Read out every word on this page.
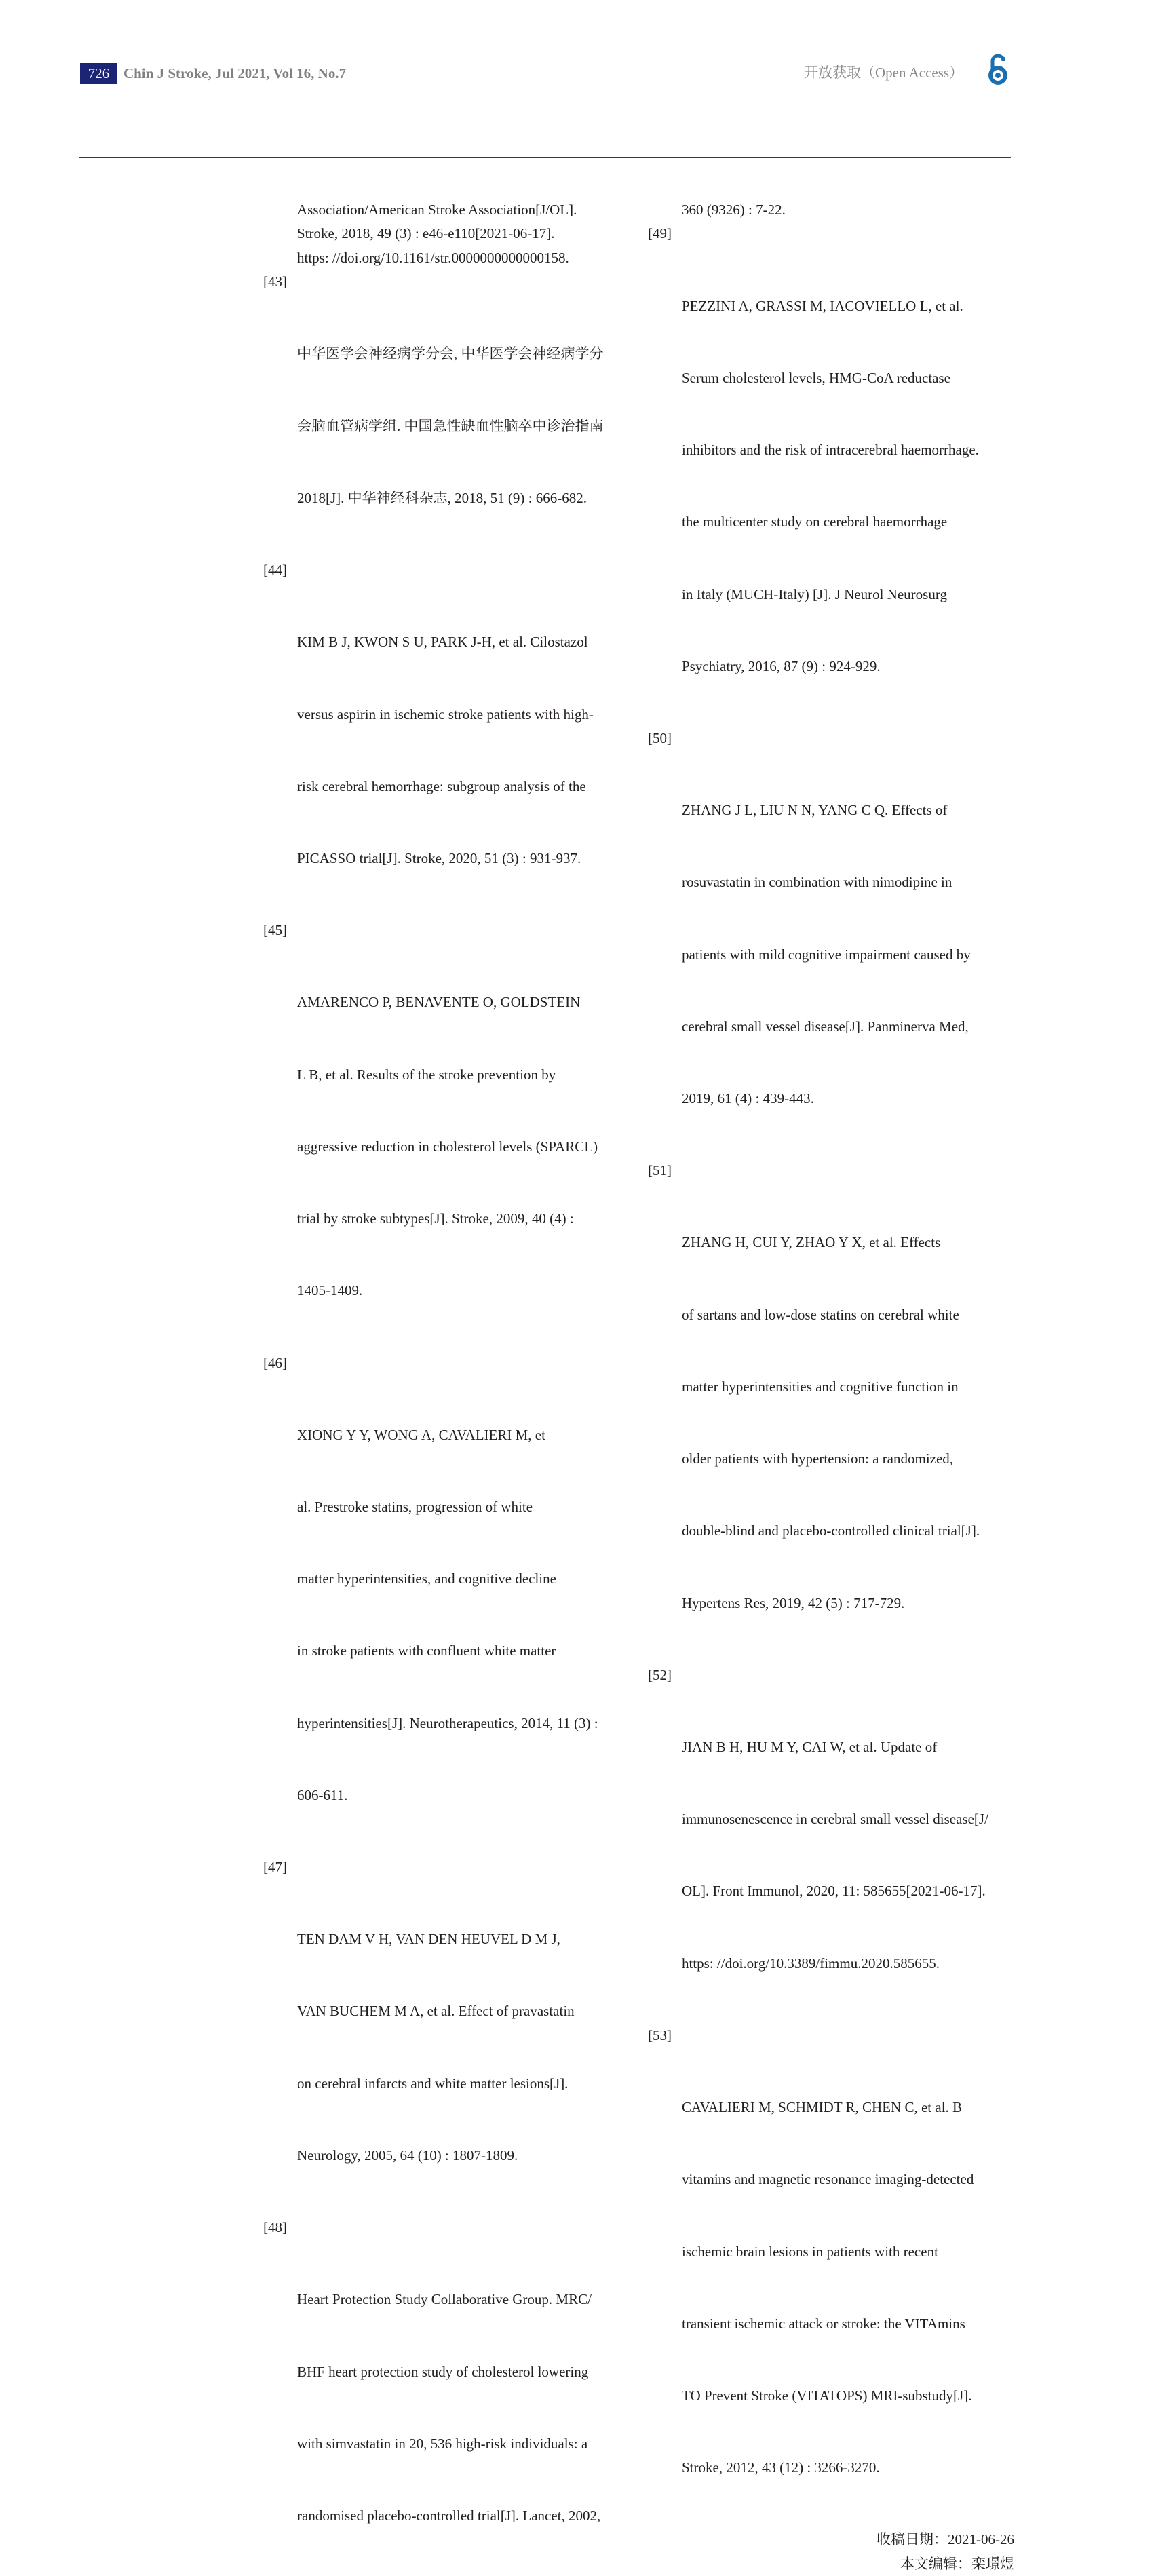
726 Chin J Stroke, Jul 2021, Vol 16, No.7	开放获取（Open Access）
Association/American Stroke Association[J/OL].
Stroke, 2018, 49 (3) : e46-e110[2021-06-17].
https: //doi.org/10.1161/str.0000000000000158.

[43]

中华医学会神经病学分会, 中华医学会神经病学分

会脑血管病学组. 中国急性缺血性脑卒中诊治指南

2018[J]. 中华神经科杂志, 2018, 51 (9) : 666-682.

[44]

KIM B J, KWON S U, PARK J-H, et al. Cilostazol

versus aspirin in ischemic stroke patients with high-

risk cerebral hemorrhage: subgroup analysis of the

PICASSO trial[J]. Stroke, 2020, 51 (3) : 931-937.

[45]

AMARENCO P, BENAVENTE O, GOLDSTEIN

L B, et al. Results of the stroke prevention by

aggressive reduction in cholesterol levels (SPARCL)

trial by stroke subtypes[J]. Stroke, 2009, 40 (4) :

1405-1409.

[46]

XIONG Y Y, WONG A, CAVALIERI M, et

al. Prestroke statins, progression of white

matter hyperintensities, and cognitive decline

in stroke patients with confluent white matter

hyperintensities[J]. Neurotherapeutics, 2014, 11 (3) :

606-611.

[47]

TEN DAM V H, VAN DEN HEUVEL D M J,

VAN BUCHEM M A, et al. Effect of pravastatin

on cerebral infarcts and white matter lesions[J].

Neurology, 2005, 64 (10) : 1807-1809.

[48]

Heart Protection Study Collaborative Group. MRC/

BHF heart protection study of cholesterol lowering

with simvastatin in 20, 536 high-risk individuals: a

randomised placebo-controlled trial[J]. Lancet, 2002,

360 (9326) : 7-22.

[49]

PEZZINI A, GRASSI M, IACOVIELLO L, et al.

Serum cholesterol levels, HMG-CoA reductase

inhibitors and the risk of intracerebral haemorrhage.

the multicenter study on cerebral haemorrhage

in Italy (MUCH-Italy) [J]. J Neurol Neurosurg

Psychiatry, 2016, 87 (9) : 924-929.

[50]

ZHANG J L, LIU N N, YANG C Q. Effects of

rosuvastatin in combination with nimodipine in

patients with mild cognitive impairment caused by

cerebral small vessel disease[J]. Panminerva Med,

2019, 61 (4) : 439-443.

[51]

ZHANG H, CUI Y, ZHAO Y X, et al. Effects

of sartans and low-dose statins on cerebral white

matter hyperintensities and cognitive function in

older patients with hypertension: a randomized,

double-blind and placebo-controlled clinical trial[J].

Hypertens Res, 2019, 42 (5) : 717-729.

[52]

JIAN B H, HU M Y, CAI W, et al. Update of

immunosenescence in cerebral small vessel disease[J/

OL]. Front Immunol, 2020, 11: 585655[2021-06-17].

https: //doi.org/10.3389/fimmu.2020.585655.

[53]

CAVALIERI M, SCHMIDT R, CHEN C, et al. B

vitamins and magnetic resonance imaging-detected

ischemic brain lesions in patients with recent

transient ischemic attack or stroke: the VITAmins

TO Prevent Stroke (VITATOPS) MRI-substudy[J].

Stroke, 2012, 43 (12) : 3266-3270.

收稿日期：2021-06-26
本文编辑：栾璟煜
